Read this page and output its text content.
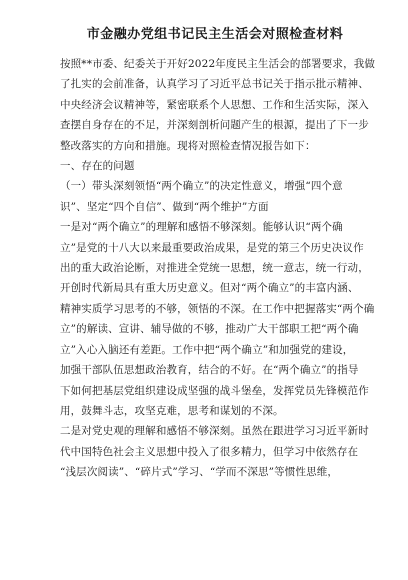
市金融办党组书记民主生活会对照检查材料

按照**市委、纪委关于开好2022年度民主生活会的部署要求，我做

了扎实的会前准备，认真学习了习近平总书记关于指示批示精神、

中央经济会议精神等，紧密联系个人思想、工作和生活实际，深入

查摆自身存在的不足，并深刻剖析问题产生的根源，提出了下一步

整改落实的方向和措施。现将对照检查情况报告如下：

一、存在的问题

（一）带头深刻领悟“两个确立”的决定性意义，增强“四个意

识”、坚定“四个自信”、做到“两个维护”方面

一是对“两个确立”的理解和感悟不够深刻。能够认识“两个确

立”是党的十八大以来最重要政治成果，是党的第三个历史决议作

出的重大政治论断，对推进全党统一思想，统一意志，统一行动，

开创时代新局具有重大历史意义。但对“两个确立”的丰富内涵、

精神实质学习思考的不够，领悟的不深。在工作中把握落实“两个确

立”的解读、宣讲、辅导做的不够，推动广大干部职工把“两个确

立”入心入脑还有差距。工作中把“两个确立”和加强党的建设，

加强干部队伍思想政治教育，结合的不好。在“两个确立”的指导

下如何把基层党组织建设成坚强的战斗堡垒，发挥党员先锋模范作

用，鼓舞斗志，攻坚克难，思考和谋划的不深。

二是对党史观的理解和感悟不够深刻。虽然在跟进学习习近平新时

代中国特色社会主义思想中投入了很多精力，但学习中依然存在

“浅层次阅读”、“碎片式”学习、“学而不深思”等惯性思维，
